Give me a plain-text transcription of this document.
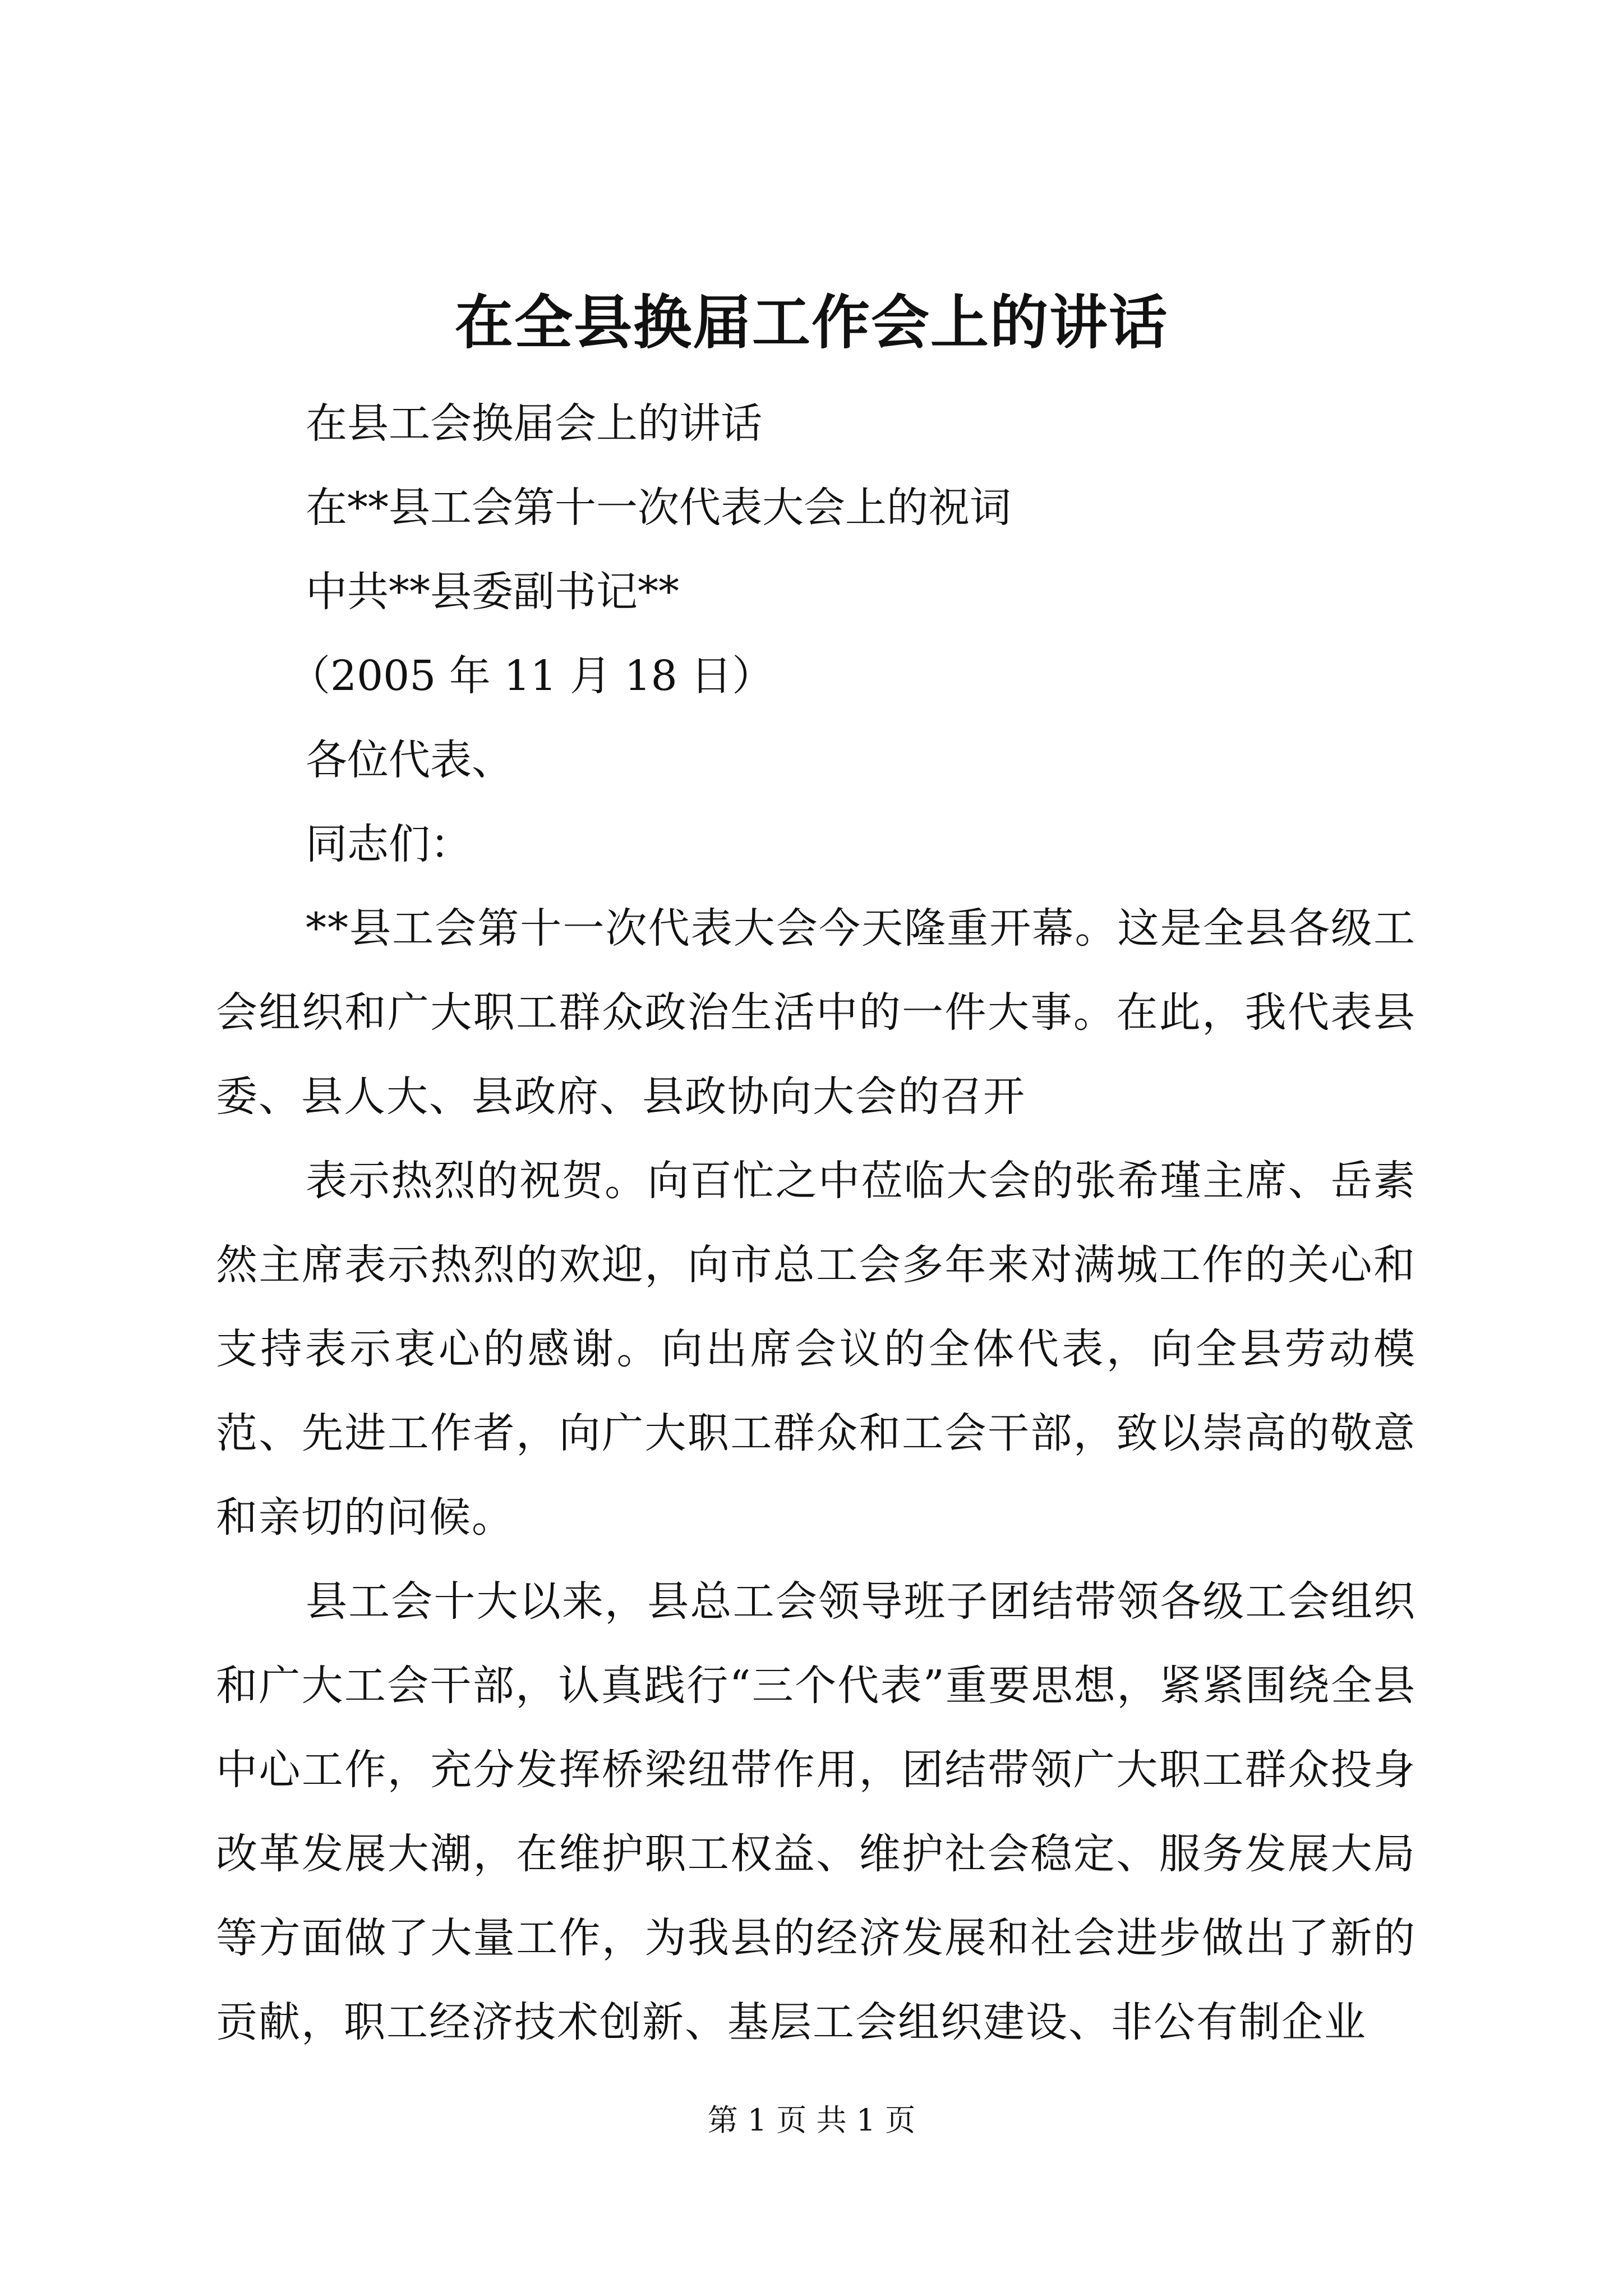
在全县换届工作会上的讲话
在县工会换届会上的讲话
在**县工会第十一次代表大会上的祝词
中共**县委副书记**
（2005 年 11 月 18 日）
各位代表、
同志们：

**县工会第十一次代表大会今天隆重开幕。这是全县各级工会组织和广大职工群众政治生活中的一件大事。在此，我代表县委、县人大、县政府、县政协向大会的召开

表示热烈的祝贺。向百忙之中莅临大会的张希瑾主席、岳素然主席表示热烈的欢迎，向市总工会多年来对满城工作的关心和支持表示衷心的感谢。向出席会议的全体代表，向全县劳动模范、先进工作者，向广大职工群众和工会干部，致以崇高的敬意和亲切的问候。

县工会十大以来，县总工会领导班子团结带领各级工会组织和广大工会干部，认真践行“三个代表”重要思想，紧紧围绕全县中心工作，充分发挥桥梁纽带作用，团结带领广大职工群众投身改革发展大潮，在维护职工权益、维护社会稳定、服务发展大局等方面做了大量工作，为我县的经济发展和社会进步做出了新的贡献，职工经济技术创新、基层工会组织建设、非公有制企业

第 1 页 共 1 页
